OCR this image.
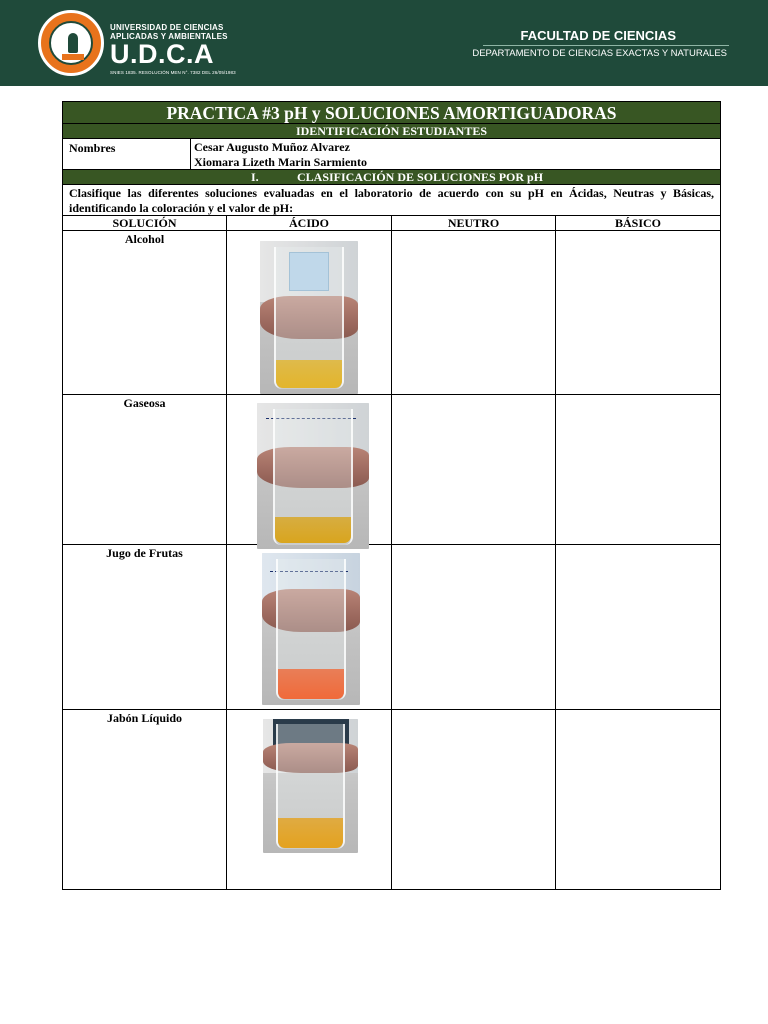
UNIVERSIDAD DE CIENCIAS
APLICADAS Y AMBIENTALES
U.D.C.A
SNIES 1835. RESOLUCIÓN MEN N°. 7382 DEL 26/05/1983
FACULTAD DE CIENCIAS
DEPARTAMENTO DE CIENCIAS EXACTAS Y NATURALES
PRACTICA #3 pH y SOLUCIONES AMORTIGUADORAS
IDENTIFICACIÓN ESTUDIANTES
Nombres	Cesar Augusto Muñoz Alvarez
Xiomara Lizeth Marin Sarmiento
I.	CLASIFICACIÓN DE SOLUCIONES POR pH
Clasifique las diferentes soluciones evaluadas en el laboratorio de acuerdo con su pH en Ácidas, Neutras y Básicas, identificando la coloración y el valor de pH:
SOLUCIÓN	ÁCIDO	NEUTRO	BÁSICO
Alcohol
Gaseosa
Jugo de Frutas
Jabón Líquido
